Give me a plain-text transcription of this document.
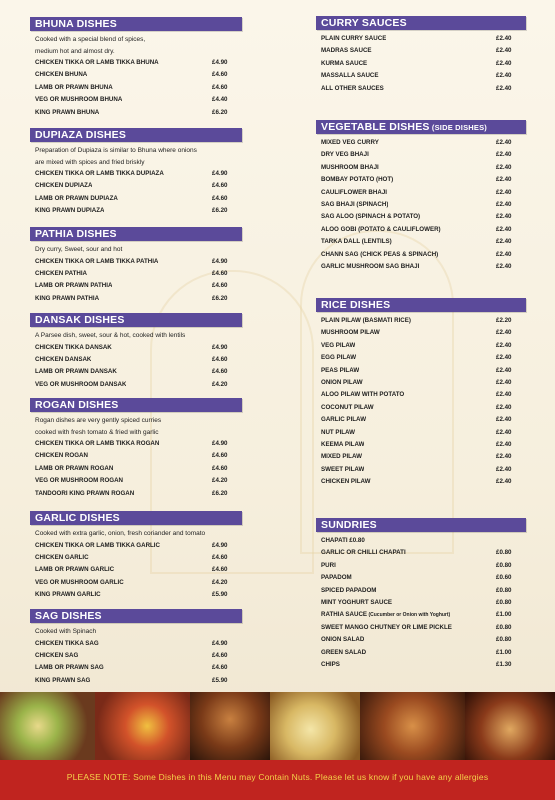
BHUNA DISHES
Cooked with a special blend of spices,
medium hot and almost dry.
CHICKEN TIKKA OR LAMB TIKKA BHUNA	£4.90
CHICKEN BHUNA	£4.60
LAMB OR PRAWN BHUNA	£4.60
VEG OR MUSHROOM BHUNA	£4.40
KING PRAWN BHUNA	£6.20
DUPIAZA DISHES
Preparation of Dupiaza is similar to Bhuna where onions
are mixed with spices and fried briskly
CHICKEN TIKKA OR LAMB TIKKA DUPIAZA	£4.90
CHICKEN DUPIAZA	£4.60
LAMB OR PRAWN DUPIAZA	£4.60
KING PRAWN DUPIAZA	£6.20
PATHIA DISHES
Dry curry, Sweet, sour and hot
CHICKEN TIKKA OR LAMB TIKKA PATHIA	£4.90
CHICKEN PATHIA	£4.60
LAMB OR PRAWN PATHIA	£4.60
KING PRAWN PATHIA	£6.20
DANSAK DISHES
A Parsee dish, sweet, sour & hot, cooked with lentils
CHICKEN TIKKA DANSAK	£4.90
CHICKEN DANSAK	£4.60
LAMB OR PRAWN DANSAK	£4.60
VEG OR MUSHROOM DANSAK	£4.20
ROGAN DISHES
Rogan dishes are very gently spiced curries
cooked with fresh tomato & fried with garlic
CHICKEN TIKKA OR LAMB TIKKA ROGAN	£4.90
CHICKEN ROGAN	£4.60
LAMB OR PRAWN ROGAN	£4.60
VEG OR MUSHROOM ROGAN	£4.20
TANDOORI KING PRAWN ROGAN	£6.20
GARLIC DISHES
Cooked with extra garlic, onion, fresh coriander and tomato
CHICKEN TIKKA OR LAMB TIKKA GARLIC	£4.90
CHICKEN GARLIC	£4.60
LAMB OR PRAWN GARLIC	£4.60
VEG OR MUSHROOM GARLIC	£4.20
KING PRAWN GARLIC	£5.90
SAG DISHES
Cooked with Spinach
CHICKEN TIKKA SAG	£4.90
CHICKEN SAG	£4.60
LAMB OR PRAWN SAG	£4.60
KING PRAWN SAG	£5.90
CURRY SAUCES
PLAIN CURRY SAUCE	£2.40
MADRAS SAUCE	£2.40
KURMA SAUCE	£2.40
MASSALLA SAUCE	£2.40
ALL OTHER SAUCES	£2.40
VEGETABLE DISHES (SIDE DISHES)
MIXED VEG CURRY	£2.40
DRY VEG BHAJI	£2.40
MUSHROOM BHAJI	£2.40
BOMBAY POTATO (HOT)	£2.40
CAULIFLOWER BHAJI	£2.40
SAG BHAJI (SPINACH)	£2.40
SAG ALOO (SPINACH & POTATO)	£2.40
ALOO GOBI (POTATO & CAULIFLOWER)	£2.40
TARKA DALL (LENTILS)	£2.40
CHANN SAG (CHICK PEAS & SPINACH)	£2.40
GARLIC MUSHROOM SAG BHAJI	£2.40
RICE DISHES
PLAIN PILAW (BASMATI RICE)	£2.20
MUSHROOM PILAW	£2.40
VEG PILAW	£2.40
EGG PILAW	£2.40
PEAS PILAW	£2.40
ONION PILAW	£2.40
ALOO PILAW WITH POTATO	£2.40
COCONUT PILAW	£2.40
GARLIC PILAW	£2.40
NUT PILAW	£2.40
KEEMA PILAW	£2.40
MIXED PILAW	£2.40
SWEET PILAW	£2.40
CHICKEN PILAW	£2.40
SUNDRIES
CHAPATI £0.80
GARLIC OR CHILLI CHAPATI	£0.80
PURI	£0.80
PAPADOM	£0.60
SPICED PAPADOM	£0.80
MINT YOGHURT SAUCE	£0.80
RATHIA SAUCE (Cucumber or Onion with Yoghurt)	£1.00
SWEET MANGO CHUTNEY OR LIME PICKLE	£0.80
ONION SALAD	£0.80
GREEN SALAD	£1.00
CHIPS	£1.30
PLEASE NOTE: Some Dishes in this Menu may Contain Nuts. Please let us know if you have any allergies
